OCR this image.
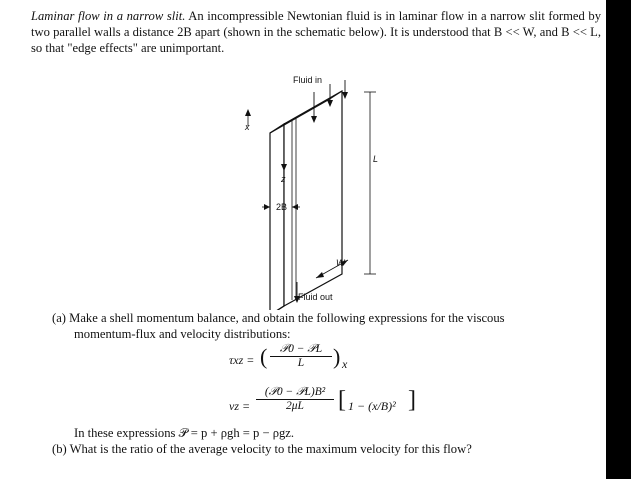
Laminar flow in a narrow slit. An incompressible Newtonian fluid is in laminar flow in a narrow slit formed by two parallel walls a distance 2B apart (shown in the schematic below). It is understood that B << W, and B << L, so that "edge effects" are unimportant.
Fluid in
Fluid out
x
z
2B
L
W
(a) Make a shell momentum balance, and obtain the following expressions for the viscous
momentum-flux and velocity distributions:
τxz = (	𝒫0 − 𝒫L
L	) x
vz =
(𝒫0 − 𝒫L)B²
2μL	[ 1 − (x/B)² ]
In these expressions 𝒫 = p + ρgh = p − ρgz.
(b) What is the ratio of the average velocity to the maximum velocity for this flow?
